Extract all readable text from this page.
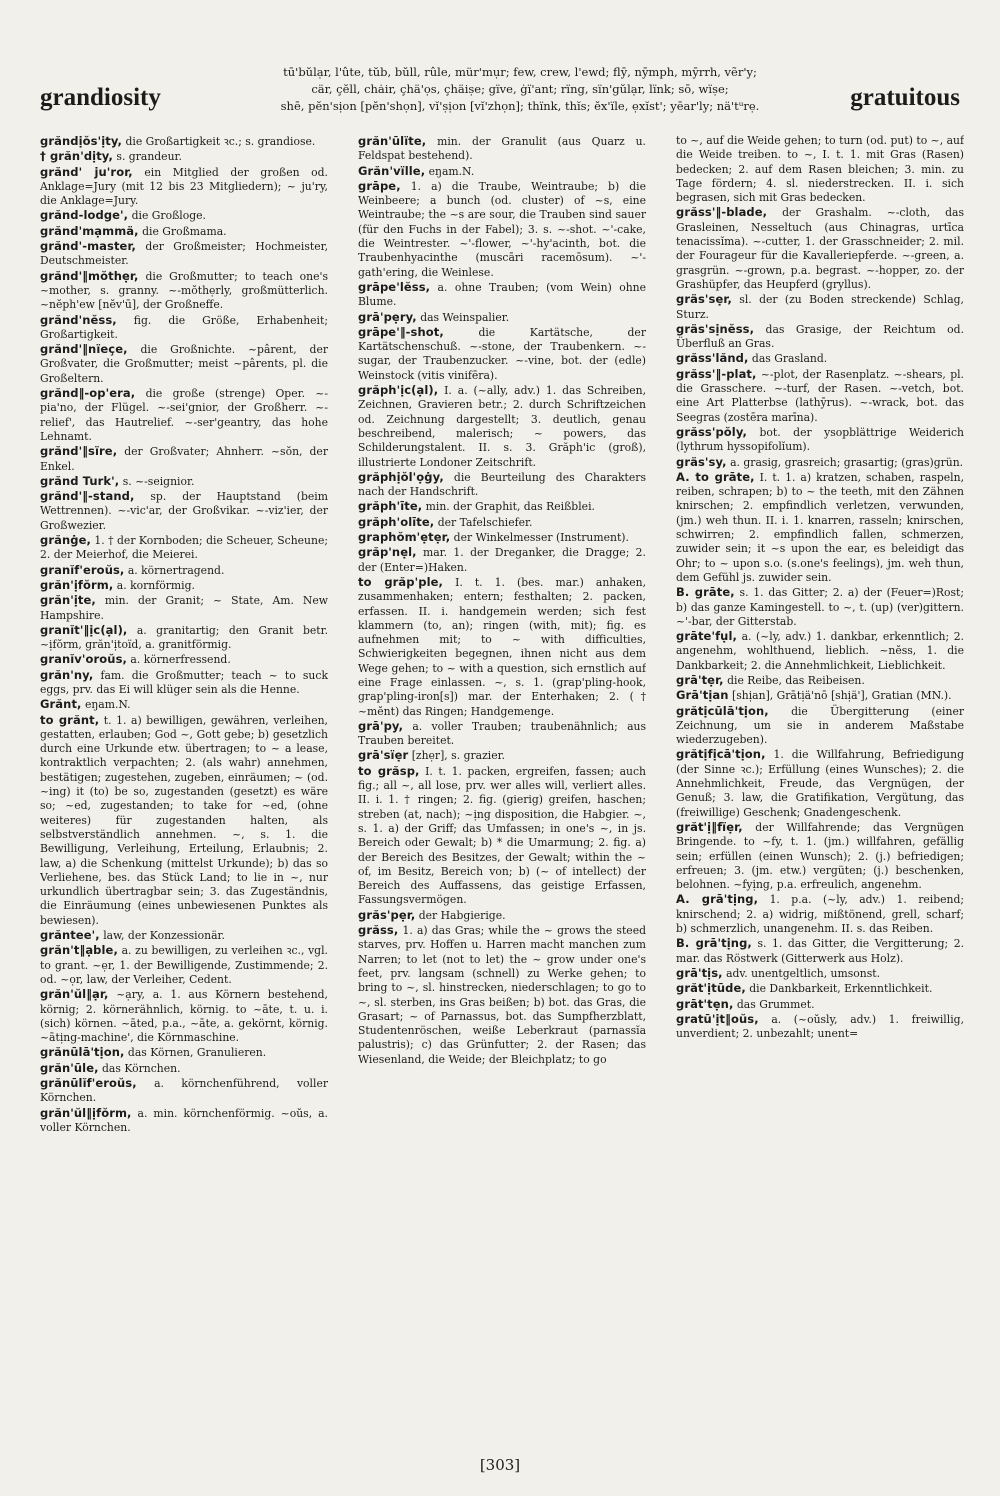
grandiosity
tū'bŭlạr, l'ûte, tŭb, bŭll, rûle, mür'mụr; few, crew, l'ewd; flȳ, nȳmph, mȳrrh, vẽr'y;
cär, çĕll, chȧir, çhä'ọs, çhäiṣe; gïve, ġï'ant; rïng, sïn'gŭlạr, lïnk; sō, wïṣe;
shē, pĕn'sịon [pĕn'shọn], vĭ'ṣịon [vĭ'zhọn]; thïnk, thĭs; ĕx'ïle, ẹxĭst'; yēar'ly; nä'tᵘrẹ.	gratuitous

grăndịŏs'ịty, die Großartigkeit ꝛc.; s. grandiose.

† grăn'dịty, s. grandeur.

grănd' ju'ror, ein Mitglied der großen od. Anklage=Jury (mit 12 bis 23 Mitgliedern); ~ ju'ry, die Anklage=Jury.

grănd-lodge', die Großloge.

grănd'mạmmä, die Großmama.

grănd'-master, der Großmeister; Hochmeister, Deutschmeister.

grănd'‖mŏthẹr, die Großmutter; to teach one's ~mother, s. granny. ~-mŏthẹrly, großmütterlich. ~nĕph'ew [nĕv'ū], der Großneffe.

grănd'nĕss, fig. die Größe, Erhabenheit; Großartigkeit.

grănd'‖nïeçe, die Großnichte. ~pârent, der Großvater, die Großmutter; meist ~pârents, pl. die Großeltern.

grănd‖-op'era, die große (strenge) Oper. ~-pia'no, der Flügel. ~-sei'gnior, der Großherr. ~-relief', das Hautrelief. ~-ser'geantry, das hohe Lehnamt.

grănd'‖sïre, der Großvater; Ahnherr. ~sŏn, der Enkel.

grănd Turk', s. ~-seignior.

grănd'‖-stand, sp. der Hauptstand (beim Wettrennen). ~-vic'ar, der Großvikar. ~-viz'ier, der Großwezier.

grănġe, 1. † der Kornboden; die Scheuer, Scheune; 2. der Meierhof, die Meierei.

granĭf'eroŭs, a. körnertragend.

grăn'ịfŏrm, a. kornförmig.

grăn'ịte, min. der Granit; ~ State, Am. New Hampshire.

granĭt'‖ịc(ạl), a. granitartig; den Granit betr. ~ịfŏrm, grăn'ịtoïd, a. granitförmig.

granĭv'oroŭs, a. körnerfressend.

grăn'ny, fam. die Großmutter; teach ~ to suck eggs, prv. das Ei will klüger sein als die Henne.

Grănt, eŋam.N.

to grănt, t. 1. a) bewilligen, gewähren, verleihen, gestatten, erlauben; God ~, Gott gebe; b) gesetzlich durch eine Urkunde etw. übertragen; to ~ a lease, kontraktlich verpachten; 2. (als wahr) annehmen, bestätigen; zugestehen, zugeben, einräumen; ~ (od. ~ing) it (to) be so, zugestanden (gesetzt) es wäre so; ~ed, zugestanden; to take for ~ed, (ohne weiteres) für zugestanden halten, als selbstverständlich annehmen. ~, s. 1. die Bewilligung, Verleihung, Erteilung, Erlaubnis; 2. law, a) die Schenkung (mittelst Urkunde); b) das so Verliehene, bes. das Stück Land; to lie in ~, nur urkundlich übertragbar sein; 3. das Zugeständnis, die Einräumung (eines unbewiesenen Punktes als bewiesen).

grăntee', law, der Konzessionär.

grăn't‖ạble, a. zu bewilligen, zu verleihen ꝛc., vgl. to grant. ~ẹr, 1. der Bewilligende, Zustimmende; 2. od. ~ọr, law, der Verleiher, Cedent.

grăn'ŭl‖ạr, ~ạry, a. 1. aus Körnern bestehend, körnig; 2. körnerähnlich, körnig. to ~āte, t. u. i. (sich) körnen. ~āted, p.a., ~āte, a. gekörnt, körnig. ~ātịng-machine', die Körnmaschine.

grănūlā'tịon, das Körnen, Granulieren.

grăn'ūle, das Körnchen.

grănūlĭf'eroŭs, a. körnchenführend, voller Körnchen.

grăn'ŭl‖ịfŏrm, a. min. körnchenförmig. ~oŭs, a. voller Körnchen.

grăn'ūlïte, min. der Granulit (aus Quarz u. Feldspat bestehend).

Grăn'vïlle, eŋam.N.

grāpe, 1. a) die Traube, Weintraube; b) die Weinbeere; a bunch (od. cluster) of ~s, eine Weintraube; the ~s are sour, die Trauben sind sauer (für den Fuchs in der Fabel); 3. s. ~-shot. ~'-cake, die Weintrester. ~'-flower, ~'-hy'acinth, bot. die Traubenhyacinthe (muscāri racemōsum). ~'-gath'ering, die Weinlese.

grāpe'lĕss, a. ohne Trauben; (vom Wein) ohne Blume.

grā'pẹry, das Weinspalier.

grāpe'‖-shot,	die Kartätsche, der Kartätschenschuß. ~-stone, der Traubenkern. ~-sugar, der Traubenzucker. ~-vine, bot. der (edle) Weinstock (vitis vinifēra).

grăph'ịc(ạl), I. a. (~ally, adv.) 1. das Schreiben, Zeichnen, Gravieren betr.; 2. durch Schriftzeichen od. Zeichnung dargestellt; 3. deutlich, genau beschreibend, malerisch; ~ powers, das Schilderungstalent. II. s. 3. Grăph'ic (groß), illustrierte Londoner Zeitschrift.

grăphịŏl'ọġy, die Beurteilung des Charakters nach der Handschrift.

grăph'īte, min. der Graphit, das Reißblei.

grăph'olīte, der Tafelschiefer.

graphŏm'ẹtẹr, der Winkelmesser (Instrument).

grăp'nẹl, mar. 1. der Dreganker, die Dragge; 2. der (Enter=)Haken.

to grăp'ple, I. t. 1. (bes. mar.) anhaken, zusammenhaken; entern; festhalten; 2. packen, erfassen. II. i. handgemein werden; sich fest klammern (to, an); ringen (with, mit); fig. es aufnehmen mit; to ~ with difficulties, Schwierigkeiten begegnen, ihnen nicht aus dem Wege gehen; to ~ with a question, sich ernstlich auf eine Frage einlassen. ~, s. 1. (grap'pling-hook, grap'pling-iron[s]) mar. der Enterhaken; 2. († ~mĕnt) das Ringen; Handgemenge.

grā'py, a. voller Trauben; traubenähnlich; aus Trauben bereitet.

grā'sïẹr [zhẹr], s. grazier.

to grăsp, I. t. 1. packen, ergreifen, fassen; auch fig.; all ~, all lose, prv. wer alles will, verliert alles. II. i. 1. † ringen; 2. fig. (gierig) greifen, haschen; streben (at, nach); ~ịng disposition, die Habgier. ~, s. 1. a) der Griff; das Umfassen; in one's ~, in js. Bereich oder Gewalt; b) * die Umarmung; 2. fig. a) der Bereich des Besitzes, der Gewalt; within the ~ of, im Besitz, Bereich von; b) (~ of intellect) der Bereich des Auffassens, das geistige Erfassen, Fassungsvermögen.

grăs'pẹr, der Habgierige.

grăss, 1. a) das Gras; while the ~ grows the steed starves, prv. Hoffen u. Harren macht manchen zum Narren; to let (not to let) the ~ grow under one's feet, prv. langsam (schnell) zu Werke gehen; to bring to ~, sl. hinstrecken, niederschlagen; to go to ~, sl. sterben, ins Gras beißen; b) bot. das Gras, die Grasart; ~ of Parnassus, bot. das Sumpfherzblatt, Studentenröschen, weiße Leberkraut (parnassĭa palustris); c) das Grünfutter; 2. der Rasen; das Wiesenland, die Weide; der Bleichplatz; to go

to ~, auf die Weide gehen; to turn (od. put) to ~, auf die Weide treiben. to ~, I. t. 1. mit Gras (Rasen) bedecken; 2. auf dem Rasen bleichen; 3. min. zu Tage fördern; 4. sl. niederstrecken. II. i. sich begrasen, sich mit Gras bedecken.

grăss'‖-blade, der Grashalm. ~-cloth, das Grasleinen, Nesseltuch (aus Chinagras, urtīca tenacissĭma). ~-cutter, 1. der Grasschneider; 2. mil. der Fourageur für die Kavalleriepferde. ~-green, a. grasgrün. ~-grown, p.a. begrast. ~-hopper, zo. der Grashüpfer, das Heupferd (gryllus).

gräs'sẹr, sl. der (zu Boden streckende) Schlag, Sturz.

gräs'sịnĕss, das Grasige, der Reichtum od. Überfluß an Gras.

grăss'lănd, das Grasland.

grăss'‖-plat, ~-plot, der Rasenplatz. ~-shears, pl. die Grasschere. ~-turf, der Rasen. ~-vetch, bot. eine Art Platterbse (lathȳrus). ~-wrack, bot. das Seegras (zostēra marīna).

grăss'pŏly, bot. der ysopblättrige Weiderich (lythrum hyssopifolĭum).

gräs'sy, a. grasig, grasreich; grasartig; (gras)grün.

A. to grāte, I. t. 1. a) kratzen, schaben, raspeln, reiben, schrapen; b) to ~ the teeth, mit den Zähnen knirschen; 2. empfindlich verletzen, verwunden, (jm.) weh thun. II. i. 1. knarren, rasseln; knirschen, schwirren; 2. empfindlich fallen, schmerzen, zuwider sein; it ~s upon the ear, es beleidigt das Ohr; to ~ upon s.o. (s.one's feelings), jm. weh thun, dem Gefühl js. zuwider sein.

B. grāte, s. 1. das Gitter; 2. a) der (Feuer=)Rost; b) das ganze Kamingestell. to ~, t. (up) (ver)gittern. ~'-bar, der Gitterstab.

grāte'fụl, a. (~ly, adv.) 1. dankbar, erkenntlich; 2. angenehm, wohlthuend, lieblich. ~nĕss, 1. die Dankbarkeit; 2. die Annehmlichkeit, Lieblichkeit.

grā'tẹr, die Reibe, das Reibeisen.

Grā'tịan [shịan], Grātịä'nō [shịä'], Gratian (MN.).

grătịcūlā'tịon, die Übergitterung (einer Zeichnung, um sie in anderem Maßstabe wiederzugeben).

grătịfịcā'tịon, 1. die Willfahrung, Befriedigung (der Sinne ꝛc.); Erfüllung (eines Wunsches); 2. die Annehmlichkeit, Freude, das Vergnügen, der Genuß; 3. law, die Gratifikation, Vergütung, das (freiwillige) Geschenk; Gnadengeschenk.

grăt'ị‖fïẹr, der Willfahrende; das Vergnügen Bringende. to ~fy, t. 1. (jm.) willfahren, gefällig sein; erfüllen (einen Wunsch); 2. (j.) befriedigen; erfreuen; 3. (jm. etw.) vergüten; (j.) beschenken, belohnen. ~fyịng, p.a. erfreulich, angenehm.

A. grā'tịng, 1. p.a. (~ly, adv.) 1. reibend; knirschend; 2. a) widrig, mißtönend, grell, scharf; b) schmerzlich, unangenehm. II. s. das Reiben.

B. grā'tịng, s. 1. das Gitter, die Vergitterung; 2. mar. das Röstwerk (Gitterwerk aus Holz).

grā'tịs, adv. unentgeltlich, umsonst.

grăt'ịtūde, die Dankbarkeit, Erkenntlichkeit.

grāt'tẹn, das Grummet.

gratū'ịt‖oŭs, a. (~oŭsly, adv.) 1. freiwillig, unverdient; 2. unbezahlt; unent=

[303]
